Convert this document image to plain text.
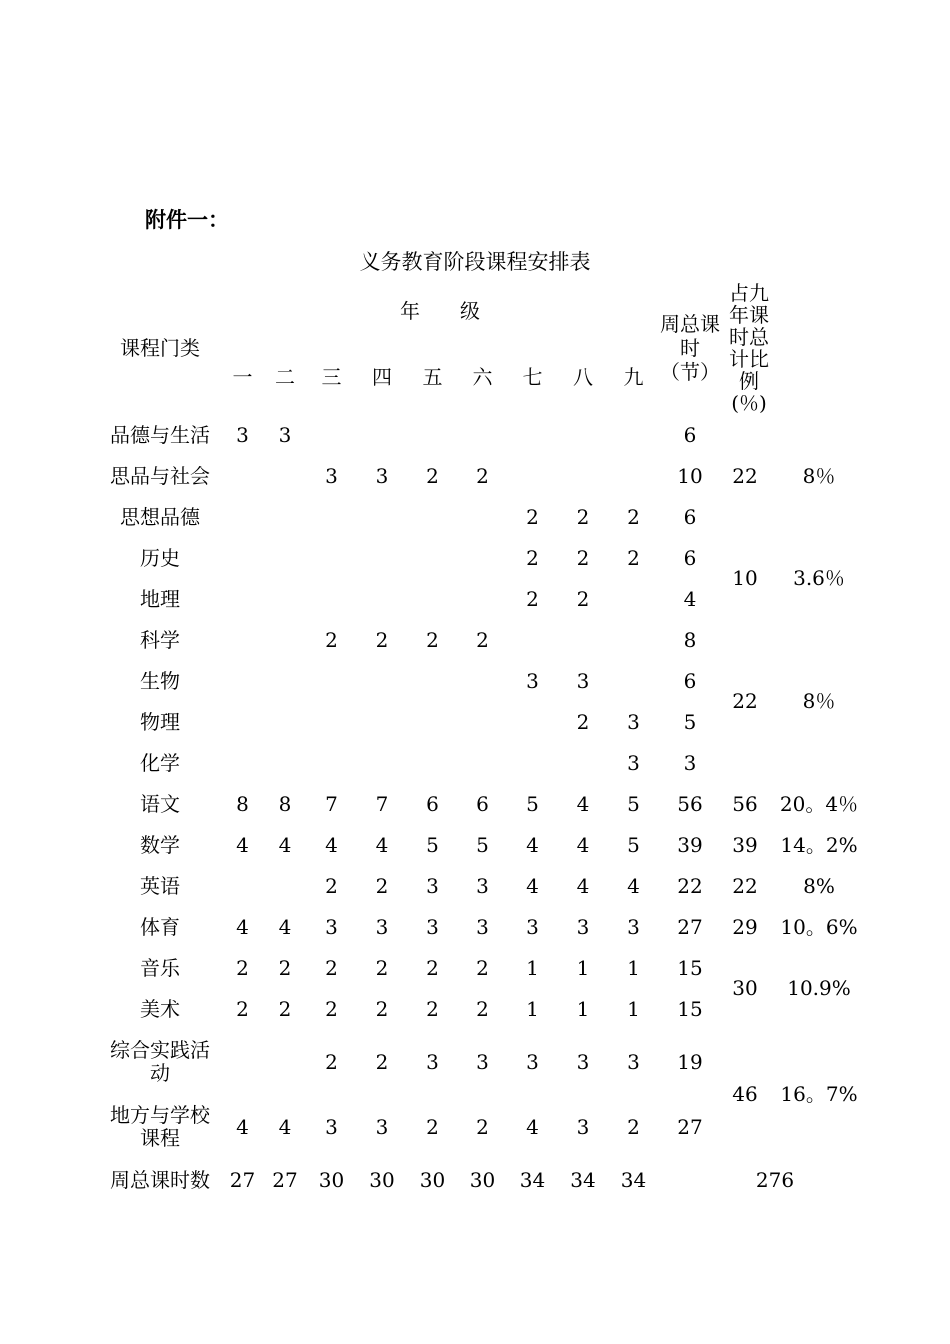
附件一：
义务教育阶段课程安排表
课程门类	年　　级									周总课时（节）	占九年课时总计比例(％)	
	一	二	三	四	五	六	七	八	九			
品德与生活	3	3								6	22	8％
思品与社会			3	3	2	2				10		
思想品德							2	2	2	6		
历史							2	2	2	6	10	3.6％
地理							2	2		4		
科学			2	2	2	2				8	22	8％
生物							3	3		6		
物理								2	3	5		
化学									3	3		
语文	8	8	7	7	6	6	5	4	5	56	56	20。4％
数学	4	4	4	4	5	5	4	4	5	39	39	14。2%
英语			2	2	3	3	4	4	4	22	22	8%
体育	4	4	3	3	3	3	3	3	3	27	29	10。6%
音乐	2	2	2	2	2	2	1	1	1	15	30	10.9%
美术	2	2	2	2	2	2	1	1	1	15		
综合实践活动			2	2	3	3	3	3	3	19	46	16。7%
地方与学校课程	4	4	3	3	2	2	4	3	2	27		
周总课时数	27	27	30	30	30	30	34	34	34	276		
